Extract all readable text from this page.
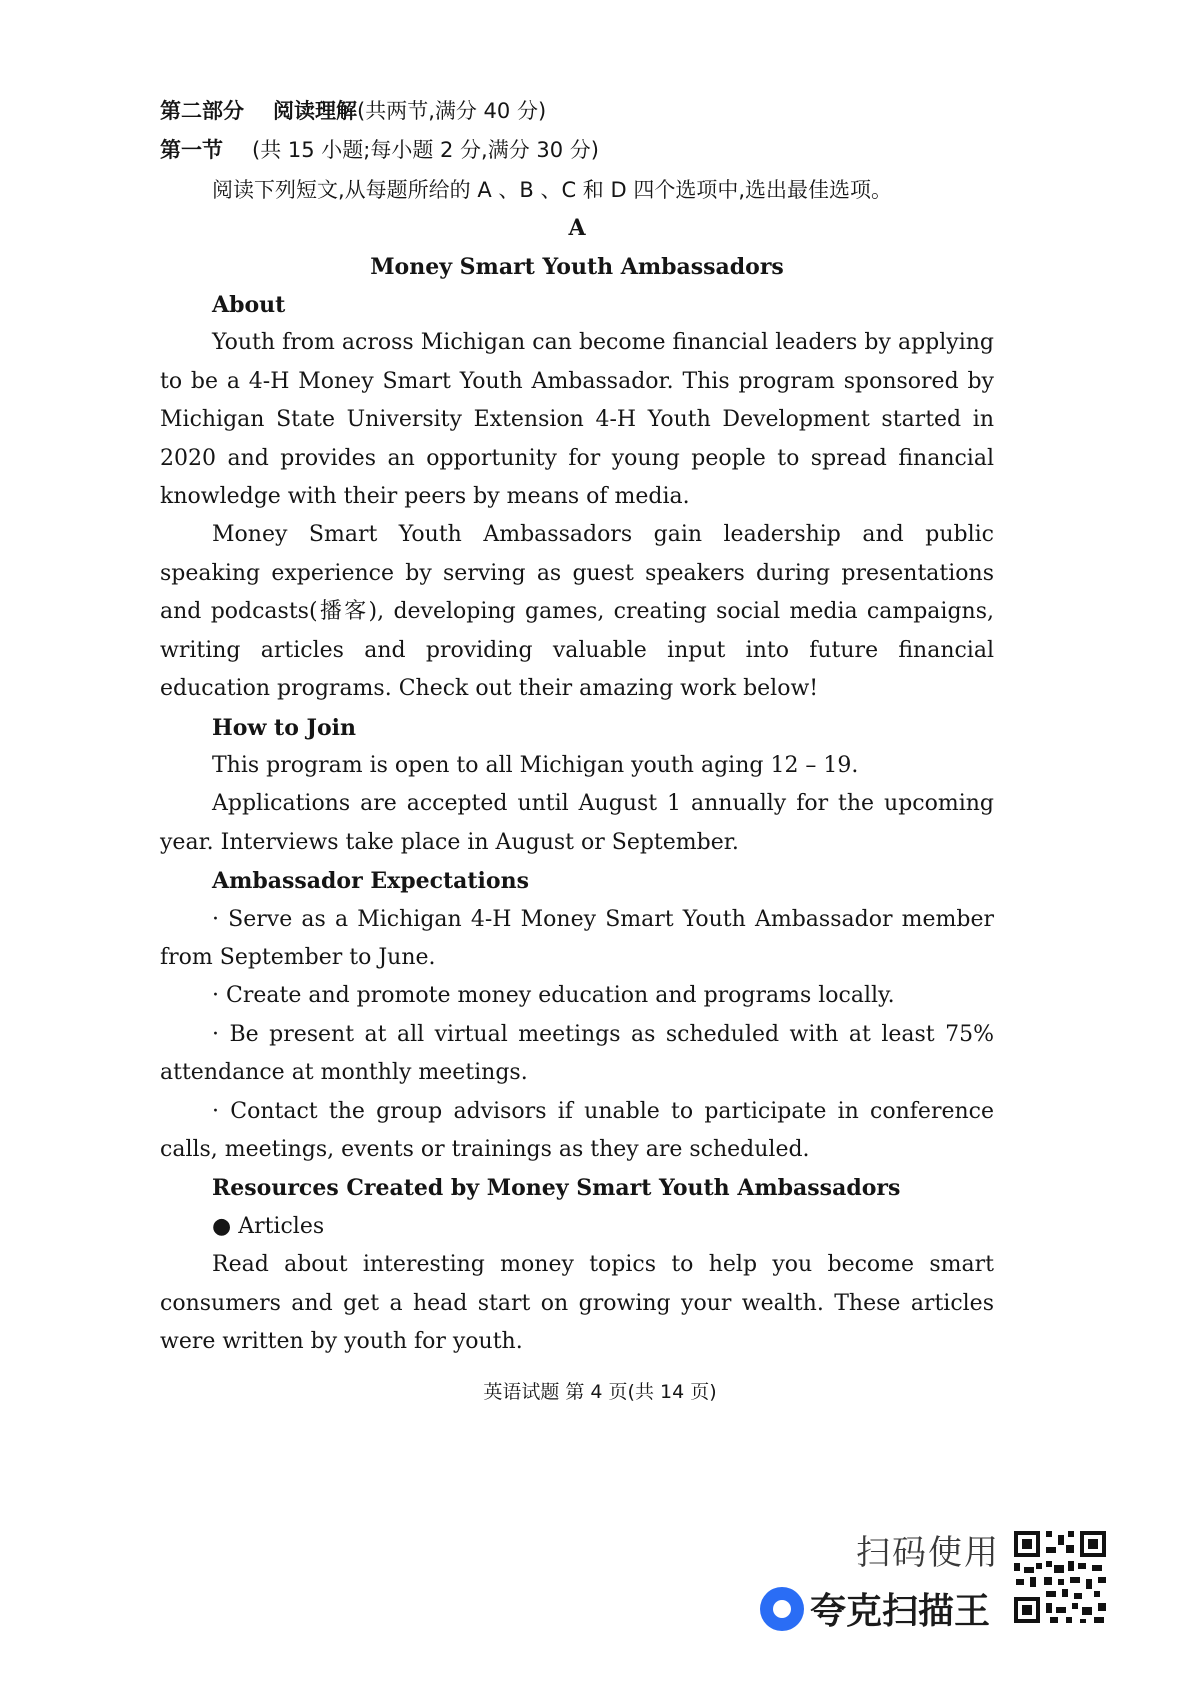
第二部分 阅读理解(共两节,满分 40 分)
第一节 (共 15 小题;每小题 2 分,满分 30 分)
阅读下列短文,从每题所给的 A 、B 、C 和 D 四个选项中,选出最佳选项。
A
Money Smart Youth Ambassadors
About

Youth from across Michigan can become financial leaders by applying to be a 4-H Money Smart Youth Ambassador. This program sponsored by Michigan State University Extension 4-H Youth Development started in 2020 and provides an opportunity for young people to spread financial knowledge with their peers by means of media.

Money Smart Youth Ambassadors gain leadership and public speaking experience by serving as guest speakers during presentations and podcasts(播客), developing games, creating social media campaigns, writing articles and providing valuable input into future financial education programs. Check out their amazing work below!

How to Join

This program is open to all Michigan youth aging 12 – 19.

Applications are accepted until August 1 annually for the upcoming year. Interviews take place in August or September.

Ambassador Expectations

· Serve as a Michigan 4-H Money Smart Youth Ambassador member from September to June.

· Create and promote money education and programs locally.

· Be present at all virtual meetings as scheduled with at least 75% attendance at monthly meetings.

· Contact the group advisors if unable to participate in conference calls, meetings, events or trainings as they are scheduled.

Resources Created by Money Smart Youth Ambassadors
● Articles

Read about interesting money topics to help you become smart consumers and get a head start on growing your wealth. These articles were written by youth for youth.

英语试题 第 4 页(共 14 页)
扫码使用
夸克扫描王
